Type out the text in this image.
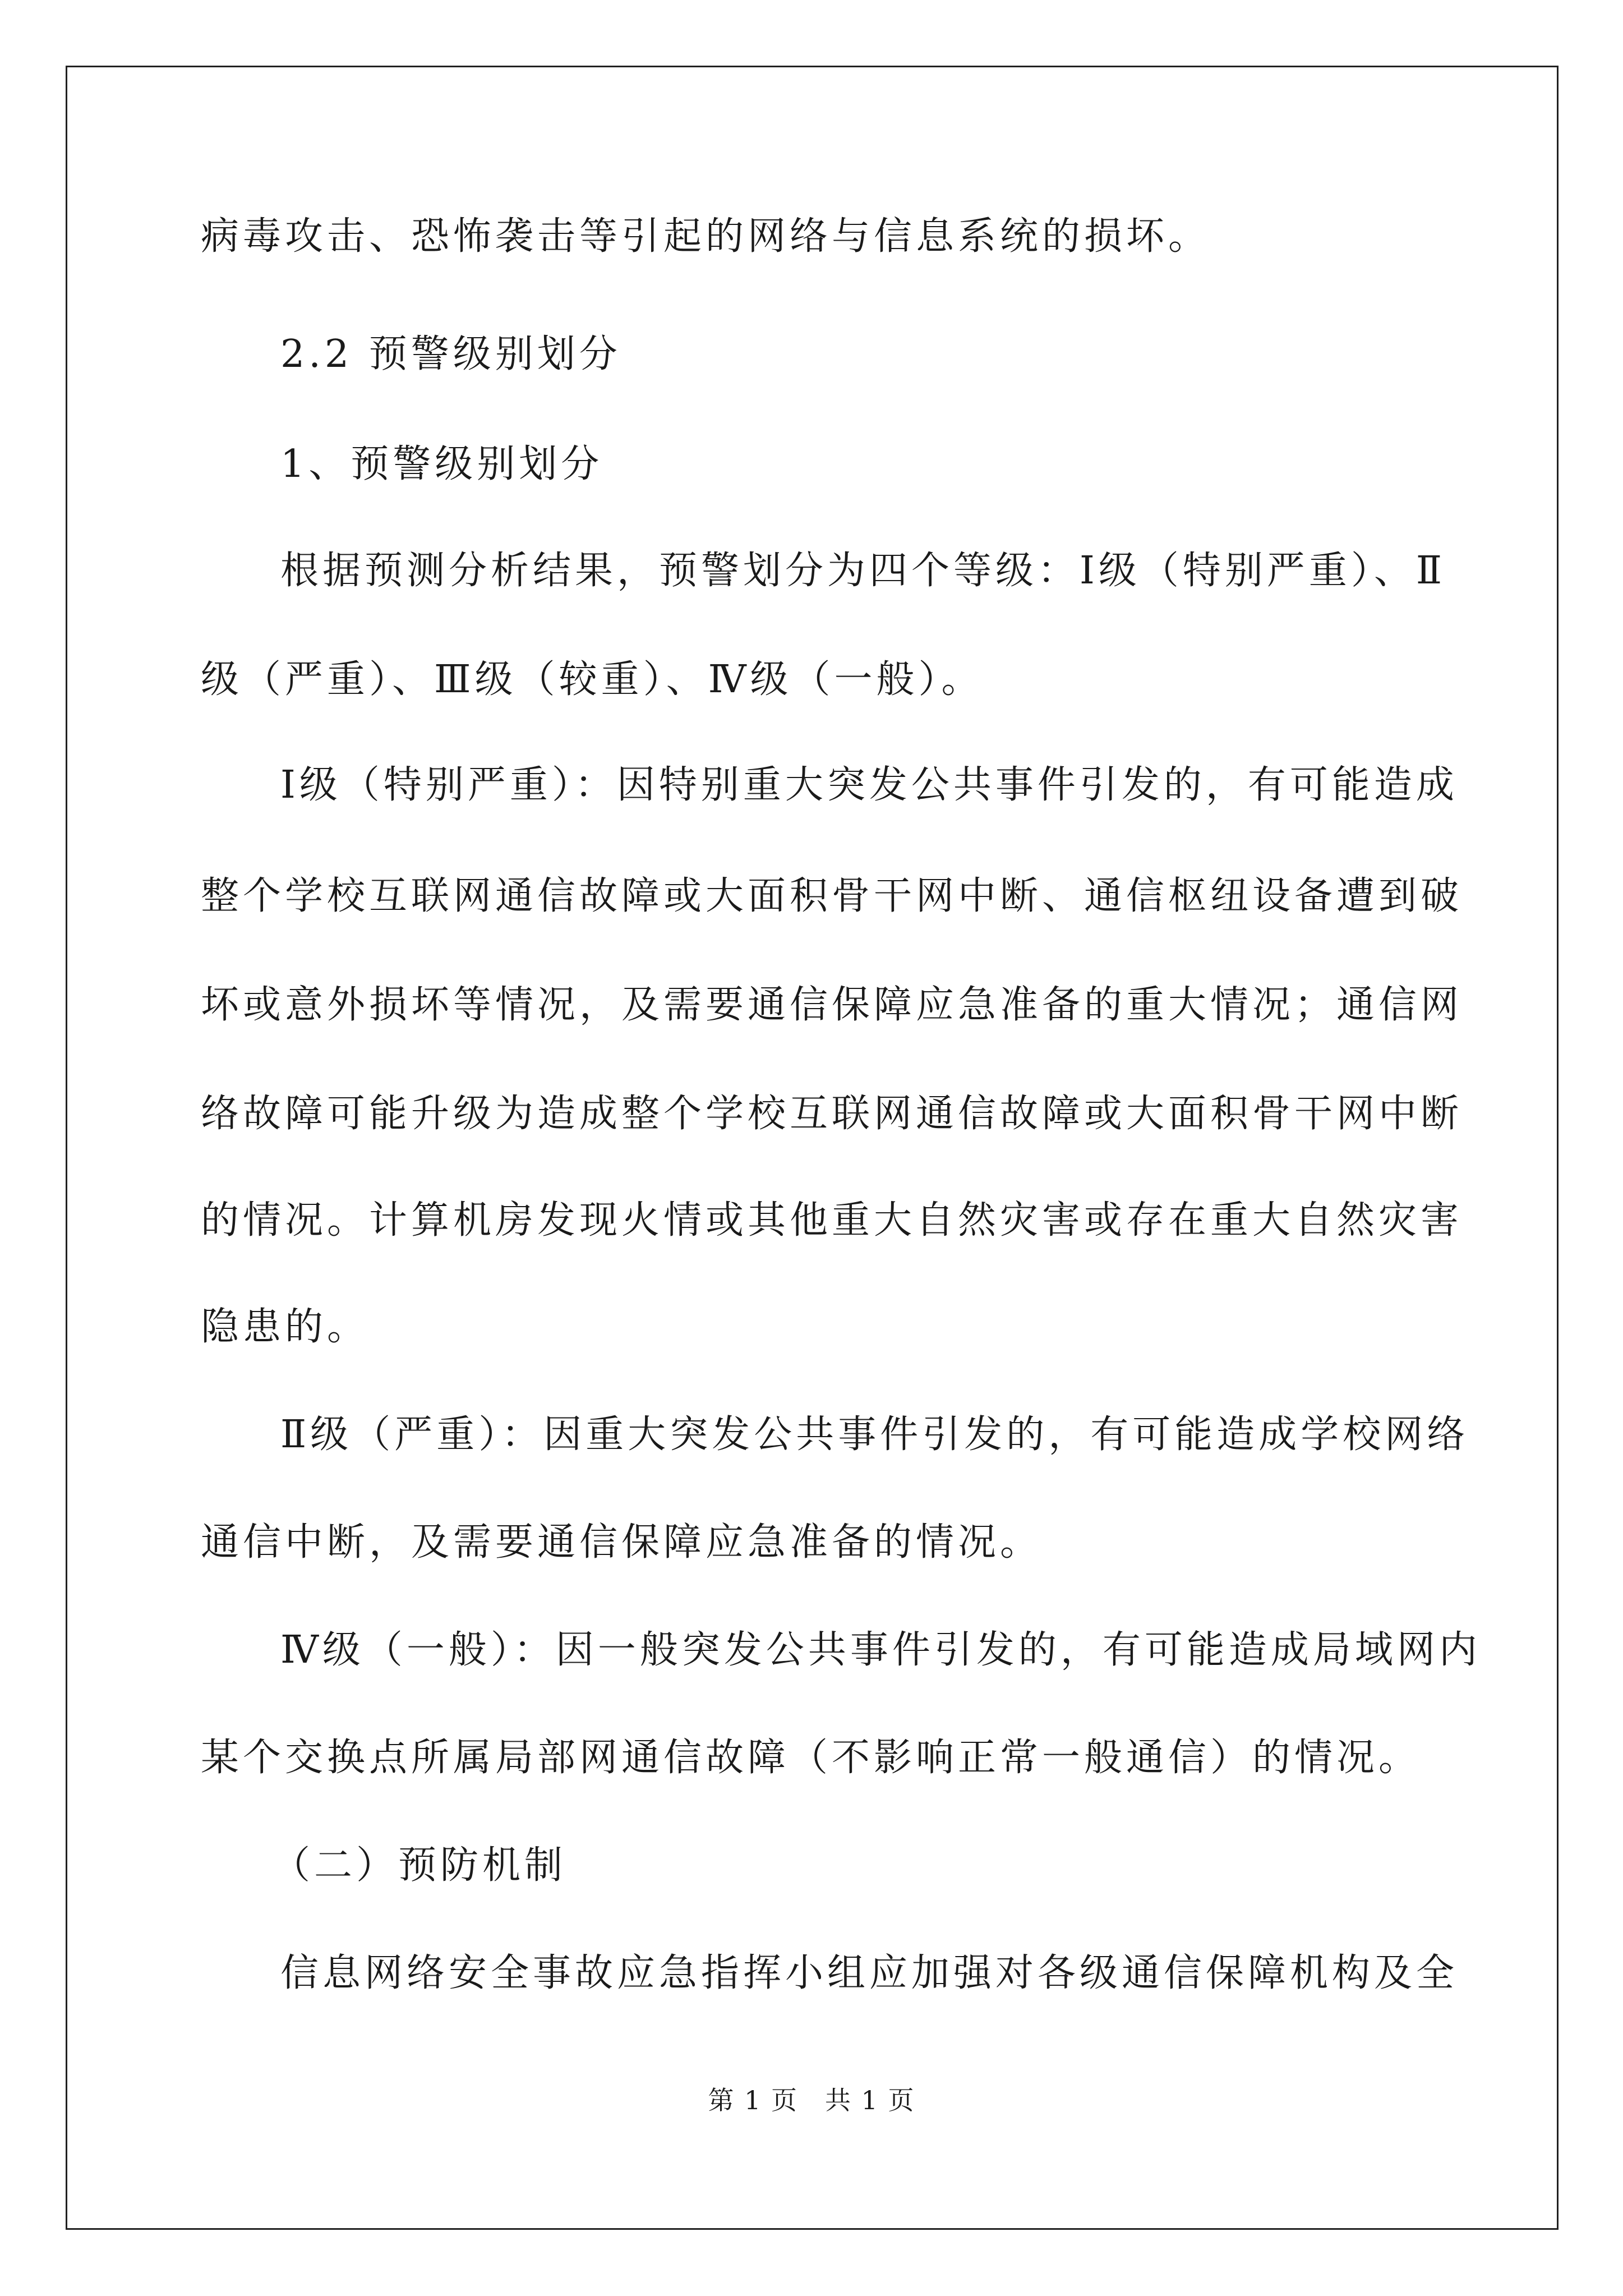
病毒攻击、恐怖袭击等引起的网络与信息系统的损坏。
2.2 预警级别划分
1、预警级别划分
根据预测分析结果，预警划分为四个等级：Ⅰ级（特别严重）、Ⅱ
级（严重）、Ⅲ级（较重）、Ⅳ级（一般）。
Ⅰ级（特别严重）：因特别重大突发公共事件引发的，有可能造成
整个学校互联网通信故障或大面积骨干网中断、通信枢纽设备遭到破
坏或意外损坏等情况，及需要通信保障应急准备的重大情况；通信网
络故障可能升级为造成整个学校互联网通信故障或大面积骨干网中断
的情况。计算机房发现火情或其他重大自然灾害或存在重大自然灾害
隐患的。
Ⅱ级（严重）：因重大突发公共事件引发的，有可能造成学校网络
通信中断，及需要通信保障应急准备的情况。
Ⅳ级（一般）：因一般突发公共事件引发的，有可能造成局域网内
某个交换点所属局部网通信故障（不影响正常一般通信）的情况。
（二）预防机制
信息网络安全事故应急指挥小组应加强对各级通信保障机构及全
第 1 页　共 1 页
